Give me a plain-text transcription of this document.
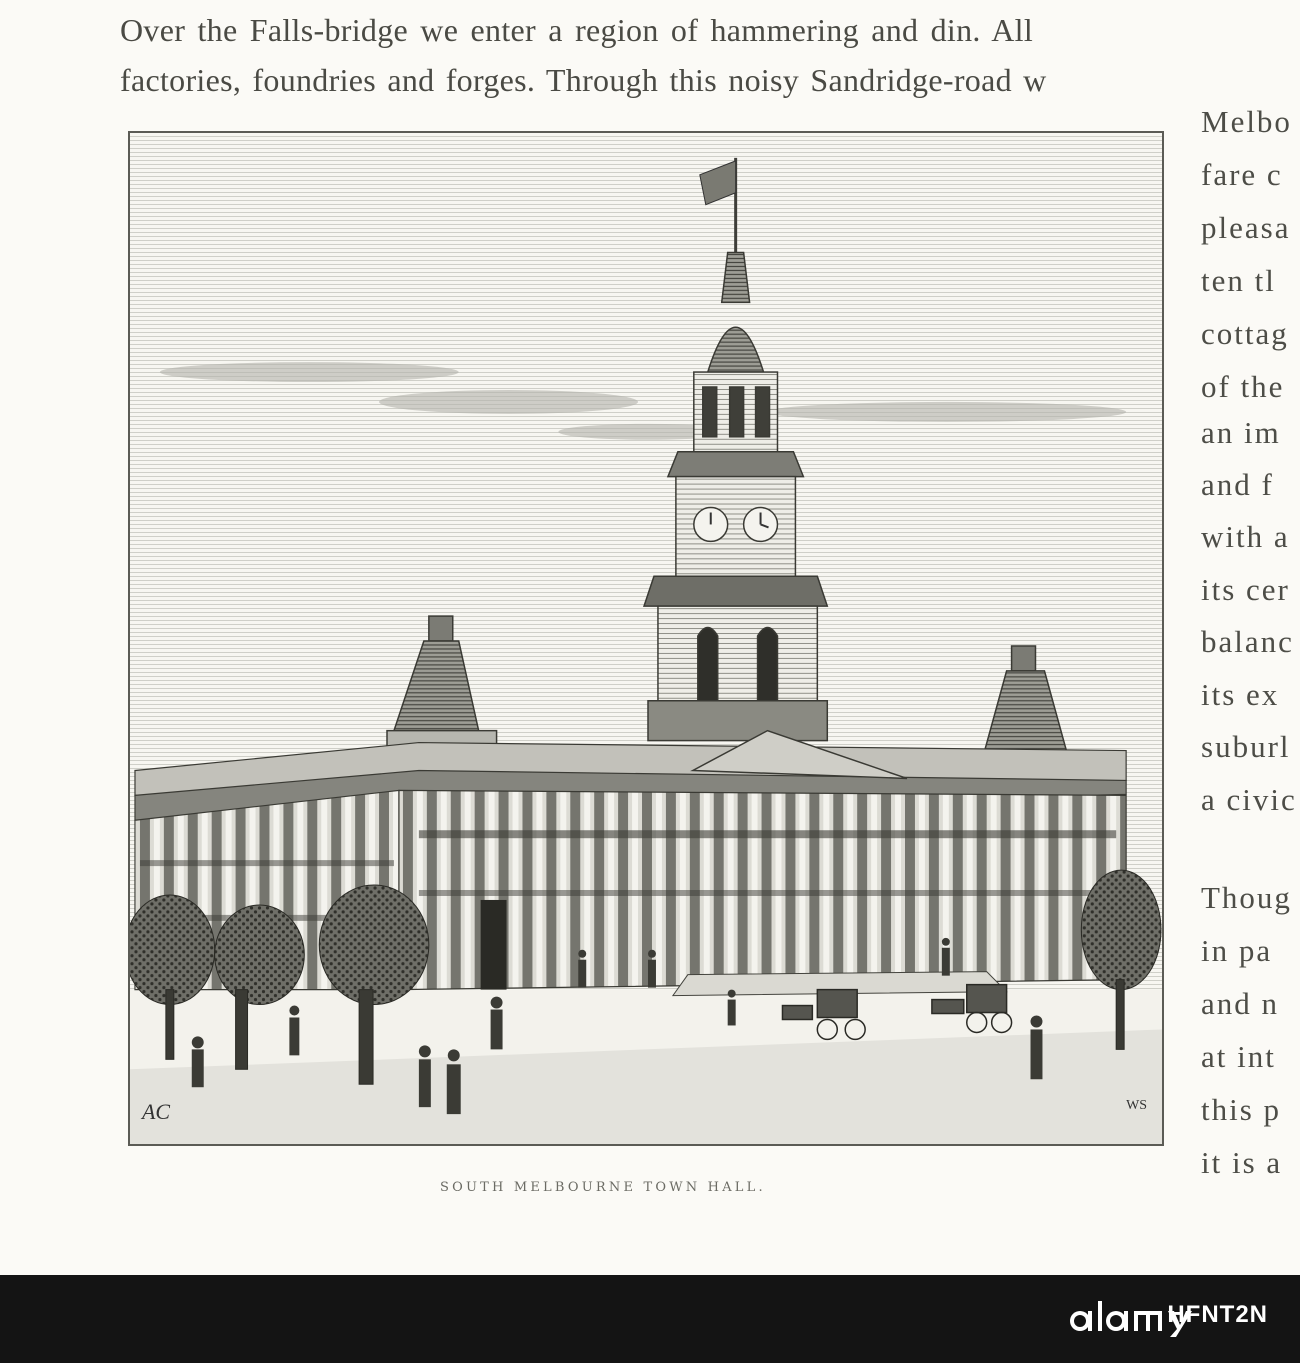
Over the Falls-bridge we enter a region of hammering and din. All
factories, foundries and forges. Through this noisy Sandridge-road w
Melbo
fare c
pleasa
ten tl
cottag
of the
an im
and f
with a
its cer
balanc
its ex
suburl
a civic
Thoug
in pa
and n
at int
this p
it is a
AC	WS
SOUTH MELBOURNE TOWN HALL.
HFNT2N
